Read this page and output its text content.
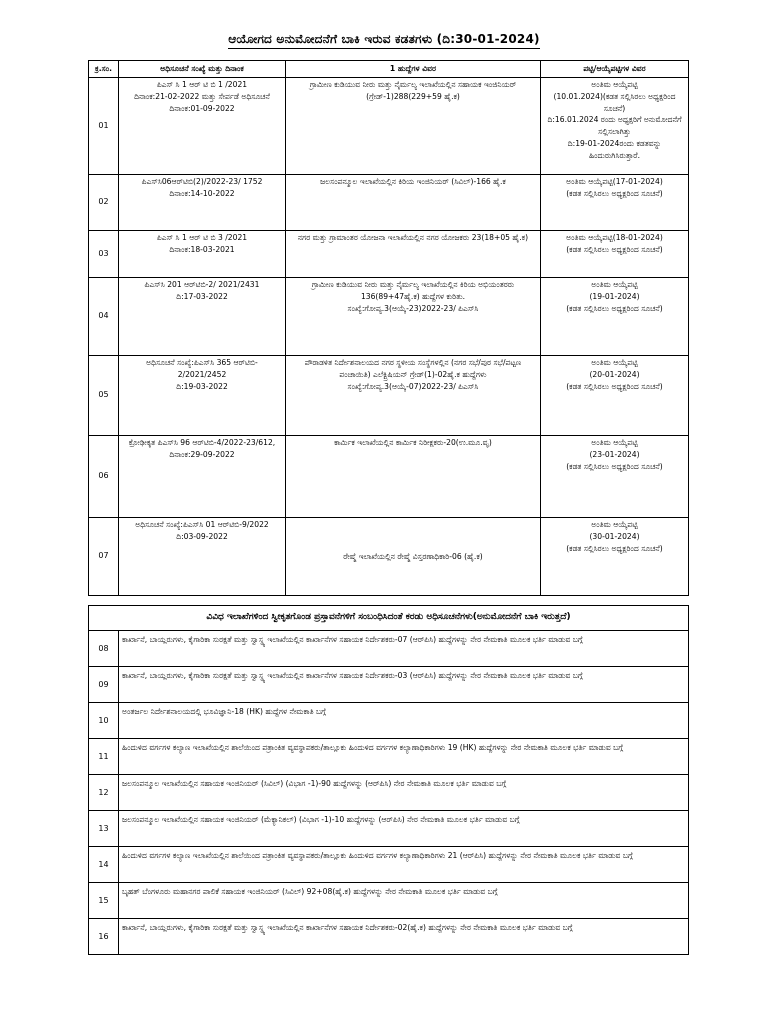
ಆಯೋಗದ ಅನುಮೋದನೆಗೆ ಬಾಕಿ ಇರುವ ಕಡತಗಳು (ದಿ:30-01-2024)
ಕ್ರ.ಸಂ.	ಅಧಿಸೂಚನೆ ಸಂಖ್ಯೆ ಮತ್ತು ದಿನಾಂಕ	1 ಹುದ್ದೆಗಳ ವಿವರ	ಪಟ್ಟಿ/ಆಯ್ಕೆಪಟ್ಟಿಗಳ ವಿವರ
01	ಪಿಎಸ್ ಸಿ 1 ಆರ್ ಟಿ ಬಿ 1 /2021
ದಿನಾಂಕ:21-02-2022 ಮತ್ತು ಸೇರ್ಪಡೆ ಅಧಿಸೂಚನೆ
ದಿನಾಂಕ:01-09-2022	ಗ್ರಾಮೀಣ ಕುಡಿಯುವ ನೀರು ಮತ್ತು ನೈರ್ಮಲ್ಯ ಇಲಾಖೆಯಲ್ಲಿನ ಸಹಾಯಕ ಇಂಜಿನಿಯರ್
(ಗ್ರೇಡ್-1)288(229+59 ಹೈ.ಕ)	ಅಂತಿಮ ಆಯ್ಕೆಪಟ್ಟಿ
(10.01.2024)(ಕಡತ ಸಲ್ಲಿಸಿರಲು ಅಧ್ಯಕ್ಷರಿಂದ ಸೂಚನೆ)
ದಿ:16.01.2024 ರಂದು ಅಧ್ಯಕ್ಷರಿಗೆ ಅನುಮೋದನೆಗೆ ಸಲ್ಲಿಸಲಾಗಿತ್ತು
ದಿ:19-01-2024ರಂದು ಕಡತವನ್ನು ಹಿಂದುರುಗಿಸಿರುತ್ತಾರೆ.

02	ಪಿಎಸ್‌ಸಿ06ಆರ್‌ಟಿಬಿ(2)/2022-23/ 1752
ದಿನಾಂಕ:14-10-2022	ಜಲಸಂಪನ್ಮೂಲ ಇಲಾಖೆಯಲ್ಲಿನ ಕಿರಿಯ ಇಂಜಿನಿಯರ್ (ಸಿವಿಲ್)-166 ಹೈ.ಕ	ಅಂತಿಮ ಆಯ್ಕೆಪಟ್ಟಿ(17-01-2024)
(ಕಡತ ಸಲ್ಲಿಸಿರಲು ಅಧ್ಯಕ್ಷರಿಂದ ಸೂಚನೆ)

03	ಪಿಎಸ್ ಸಿ 1 ಆರ್ ಟಿ ಬಿ 3 /2021
ದಿನಾಂಕ:18-03-2021	ನಗರ ಮತ್ತು ಗ್ರಾಮಾಂತರ ಯೋಜನಾ ಇಲಾಖೆಯಲ್ಲಿನ ನಗರ ಯೋಜಕರು 23(18+05 ಹೈ.ಕ)	ಅಂತಿಮ ಆಯ್ಕೆಪಟ್ಟಿ(18-01-2024)
(ಕಡತ ಸಲ್ಲಿಸಿರಲು ಅಧ್ಯಕ್ಷರಿಂದ ಸೂಚನೆ)

04	ಪಿಎಸ್‌ಸಿ 201 ಆರ್‌ಟಿಬಿ-2/ 2021/2431
ದಿ:17-03-2022	ಗ್ರಾಮೀಣ ಕುಡಿಯುವ ನೀರು ಮತ್ತು ನೈರ್ಮಲ್ಯ ಇಲಾಖೆಯಲ್ಲಿನ ಕಿರಿಯ ಅಭಿಯಂತರರು
136(89+47ಹೈ.ಕ) ಹುದ್ದೆಗಳ ಕುರಿತು.
ಸಂಖ್ಯೆ:ಗೋಪ್ಯ.3(ಆಯ್ಕೆ-23)2022-23/ ಪಿಎಸ್‌ಸಿ	ಅಂತಿಮ ಆಯ್ಕೆಪಟ್ಟಿ
(19-01-2024)
(ಕಡತ ಸಲ್ಲಿಸಿರಲು ಅಧ್ಯಕ್ಷರಿಂದ ಸೂಚನೆ)

05	ಅಧಿಸೂಚನೆ ಸಂಖ್ಯೆ:ಪಿಎಸ್‌ಸಿ 365 ಆರ್‌ಟಿಬಿ-
2/2021/2452
ದಿ:19-03-2022	ಪೌರಾಡಳಿತ ನಿರ್ದೇಶನಾಲಯದ ನಗರ ಸ್ಥಳೀಯ ಸಂಸ್ಥೆಗಳಲ್ಲಿನ (ನಗರ ಸಭೆ/ಪುರ ಸಭೆ/ಪಟ್ಟಣ
ಪಂಚಾಯಿತಿ) ಎಲೆಕ್ಟ್ರಿಷಿಯನ್ ಗ್ರೇಡ್(1)-02ಹೈ.ಕ ಹುದ್ದೆಗಳು
ಸಂಖ್ಯೆ:ಗೋಪ್ಯ.3(ಆಯ್ಕೆ-07)2022-23/ ಪಿಎಸ್‌ಸಿ	ಅಂತಿಮ ಆಯ್ಕೆಪಟ್ಟಿ
(20-01-2024)
(ಕಡತ ಸಲ್ಲಿಸಿರಲು ಅಧ್ಯಕ್ಷರಿಂದ ಸೂಚನೆ)

06	ಕ್ರೋಢೀಕೃತ ಪಿಎಸ್‌ಸಿ 96 ಆರ್‌ಟಿಬಿ-4/2022-23/612,
ದಿನಾಂಕ:29-09-2022	ಕಾರ್ಮಿಕ ಇಲಾಖೆಯಲ್ಲಿನ ಕಾರ್ಮಿಕ ನಿರೀಕ್ಷಕರು-20(ಉ.ಮೂ.ವೃ)	ಅಂತಿಮ ಆಯ್ಕೆಪಟ್ಟಿ
(23-01-2024)
(ಕಡತ ಸಲ್ಲಿಸಿರಲು ಅಧ್ಯಕ್ಷರಿಂದ ಸೂಚನೆ)

07	ಅಧಿಸೂಚನೆ ಸಂಖ್ಯೆ:ಪಿಎಸ್‌ಸಿ 01 ಆರ್‌ಟಿಬಿ-9/2022
ದಿ:03-09-2022	ರೇಷ್ಮೆ ಇಲಾಖೆಯಲ್ಲಿನ ರೇಷ್ಮೆ ವಿಸ್ತರಣಾಧಿಕಾರಿ-06 (ಹೈ.ಕ)	ಅಂತಿಮ ಆಯ್ಕೆಪಟ್ಟಿ
(30-01-2024)
(ಕಡತ ಸಲ್ಲಿಸಿರಲು ಅಧ್ಯಕ್ಷರಿಂದ ಸೂಚನೆ)
ವಿವಿಧ ಇಲಾಖೆಗಳಿಂದ ಸ್ವೀಕೃತಗೊಂಡ ಪ್ರಸ್ತಾವನೆಗಳಿಗೆ ಸಂಬಂಧಿಸಿದಂತೆ ಕರಡು ಅಧಿಸೂಚನೆಗಳು(ಅನುಮೋದನೆಗೆ ಬಾಕಿ ಇರುತ್ತದೆ)	
08	ಕಾರ್ಖಾನೆ, ಬಾಯ್ಲರುಗಳು, ಕೈಗಾರಿಕಾ ಸುರಕ್ಷತೆ ಮತ್ತು ಸ್ವಾಸ್ಥ್ಯ ಇಲಾಖೆಯಲ್ಲಿನ ಕಾರ್ಖಾನೆಗಳ ಸಹಾಯಕ ನಿರ್ದೇಶಕರು-07 (ಆರ್‌ಪಿಸಿ) ಹುದ್ದೆಗಳನ್ನು ನೇರ ನೇಮಕಾತಿ ಮೂಲಕ ಭರ್ತಿ ಮಾಡುವ ಬಗ್ಗೆ
09	ಕಾರ್ಖಾನೆ, ಬಾಯ್ಲರುಗಳು, ಕೈಗಾರಿಕಾ ಸುರಕ್ಷತೆ ಮತ್ತು ಸ್ವಾಸ್ಥ್ಯ ಇಲಾಖೆಯಲ್ಲಿನ ಕಾರ್ಖಾನೆಗಳ ಸಹಾಯಕ ನಿರ್ದೇಶಕರು-03 (ಆರ್‌ಪಿಸಿ) ಹುದ್ದೆಗಳನ್ನು ನೇರ ನೇಮಕಾತಿ ಮೂಲಕ ಭರ್ತಿ ಮಾಡುವ ಬಗ್ಗೆ
10	ಅಂತರ್ಜಲ ನಿರ್ದೇಶನಾಲಯದಲ್ಲಿ ಭೂವಿಜ್ಞಾನಿ-18 (HK) ಹುದ್ದೆಗಳ ನೇಮಕಾತಿ ಬಗ್ಗೆ
11	ಹಿಂದುಳಿದ ವರ್ಗಗಳ ಕಲ್ಯಾಣ ಇಲಾಖೆಯಲ್ಲಿನ ಶಾಲೆಯಿಂದ ಪತ್ರಾಂಕಿತ ವ್ಯವಸ್ಥಾಪಕರು/ತಾಲ್ಲೂಕು ಹಿಂದುಳಿದ ವರ್ಗಗಳ ಕಲ್ಯಾಣಾಧಿಕಾರಿಗಳು 19 (HK) ಹುದ್ದೆಗಳನ್ನು ನೇರ ನೇಮಕಾತಿ ಮೂಲಕ ಭರ್ತಿ ಮಾಡುವ ಬಗ್ಗೆ
12	ಜಲಸಂಪನ್ಮೂಲ ಇಲಾಖೆಯಲ್ಲಿನ ಸಹಾಯಕ ಇಂಜಿನಿಯರ್ (ಸಿವಿಲ್) (ವಿಭಾಗ -1)-90 ಹುದ್ದೆಗಳನ್ನು (ಆರ್‌ಪಿಸಿ) ನೇರ ನೇಮಕಾತಿ ಮೂಲಕ ಭರ್ತಿ ಮಾಡುವ ಬಗ್ಗೆ
13	ಜಲಸಂಪನ್ಮೂಲ ಇಲಾಖೆಯಲ್ಲಿನ ಸಹಾಯಕ ಇಂಜಿನಿಯರ್ (ಮೆಕ್ಯಾನಿಕಲ್) (ವಿಭಾಗ -1)-10 ಹುದ್ದೆಗಳನ್ನು (ಆರ್‌ಪಿಸಿ) ನೇರ ನೇಮಕಾತಿ ಮೂಲಕ ಭರ್ತಿ ಮಾಡುವ ಬಗ್ಗೆ
14	ಹಿಂದುಳಿದ ವರ್ಗಗಳ ಕಲ್ಯಾಣ ಇಲಾಖೆಯಲ್ಲಿನ ಶಾಲೆಯಿಂದ ಪತ್ರಾಂಕಿತ ವ್ಯವಸ್ಥಾಪಕರು/ತಾಲ್ಲೂಕು ಹಿಂದುಳಿದ ವರ್ಗಗಳ ಕಲ್ಯಾಣಾಧಿಕಾರಿಗಳು 21 (ಆರ್‌ಪಿಸಿ) ಹುದ್ದೆಗಳನ್ನು ನೇರ ನೇಮಕಾತಿ ಮೂಲಕ ಭರ್ತಿ ಮಾಡುವ ಬಗ್ಗೆ
15	ಬೃಹತ್ ಬೆಂಗಳೂರು ಮಹಾನಗರ ಪಾಲಿಕೆ ಸಹಾಯಕ ಇಂಜಿನಿಯರ್ (ಸಿವಿಲ್) 92+08(ಹೈ.ಕ) ಹುದ್ದೆಗಳನ್ನು ನೇರ ನೇಮಕಾತಿ ಮೂಲಕ ಭರ್ತಿ ಮಾಡುವ ಬಗ್ಗೆ
16	ಕಾರ್ಖಾನೆ, ಬಾಯ್ಲರುಗಳು, ಕೈಗಾರಿಕಾ ಸುರಕ್ಷತೆ ಮತ್ತು ಸ್ವಾಸ್ಥ್ಯ ಇಲಾಖೆಯಲ್ಲಿನ ಕಾರ್ಖಾನೆಗಳ ಸಹಾಯಕ ನಿರ್ದೇಶಕರು-02(ಹೈ.ಕ) ಹುದ್ದೆಗಳನ್ನು ನೇರ ನೇಮಕಾತಿ ಮೂಲಕ ಭರ್ತಿ ಮಾಡುವ ಬಗ್ಗೆ
